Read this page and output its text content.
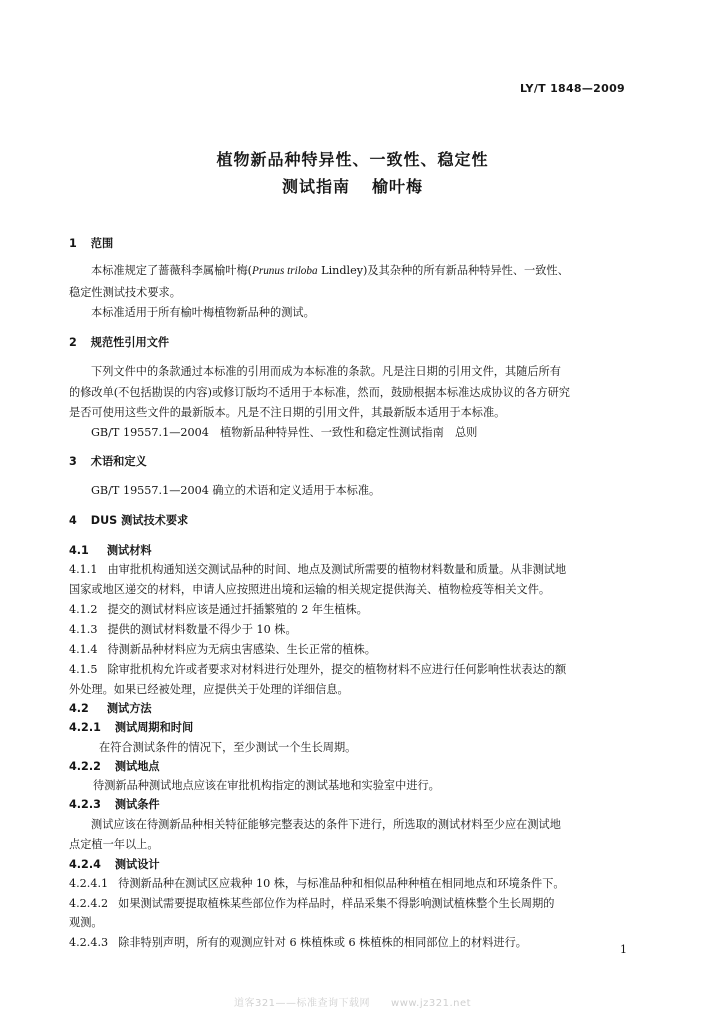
LY/T 1848—2009
植物新品种特异性、一致性、稳定性
测试指南 榆叶梅
1 范围
本标准规定了蔷薇科李属榆叶梅(Prunus triloba Lindley)及其杂种的所有新品种特异性、一致性、
稳定性测试技术要求。
本标准适用于所有榆叶梅植物新品种的测试。
2 规范性引用文件
下列文件中的条款通过本标准的引用而成为本标准的条款。凡是注日期的引用文件，其随后所有
的修改单(不包括勘误的内容)或修订版均不适用于本标准，然而，鼓励根据本标准达成协议的各方研究
是否可使用这些文件的最新版本。凡是不注日期的引用文件，其最新版本适用于本标准。
GB/T 19557.1—2004　植物新品种特异性、一致性和稳定性测试指南　总则
3 术语和定义
GB/T 19557.1—2004 确立的术语和定义适用于本标准。
4 DUS 测试技术要求
4.1 测试材料
4.1.1 由审批机构通知送交测试品种的时间、地点及测试所需要的植物材料数量和质量。从非测试地
国家或地区递交的材料，申请人应按照进出境和运输的相关规定提供海关、植物检疫等相关文件。
4.1.2 提交的测试材料应该是通过扦插繁殖的 2 年生植株。
4.1.3 提供的测试材料数量不得少于 10 株。
4.1.4 待测新品种材料应为无病虫害感染、生长正常的植株。
4.1.5 除审批机构允许或者要求对材料进行处理外，提交的植物材料不应进行任何影响性状表达的额
外处理。如果已经被处理，应提供关于处理的详细信息。
4.2 测试方法
4.2.1 测试周期和时间
在符合测试条件的情况下，至少测试一个生长周期。
4.2.2 测试地点
待测新品种测试地点应该在审批机构指定的测试基地和实验室中进行。
4.2.3 测试条件
测试应该在待测新品种相关特征能够完整表达的条件下进行，所选取的测试材料至少应在测试地
点定植一年以上。
4.2.4 测试设计
4.2.4.1 待测新品种在测试区应栽种 10 株，与标准品种和相似品种种植在相同地点和环境条件下。
4.2.4.2 如果测试需要提取植株某些部位作为样品时，样品采集不得影响测试植株整个生长周期的
观测。
4.2.4.3 除非特别声明，所有的观测应针对 6 株植株或 6 株植株的相同部位上的材料进行。
1
道客321——标准查询下载网　　www.jz321.net
